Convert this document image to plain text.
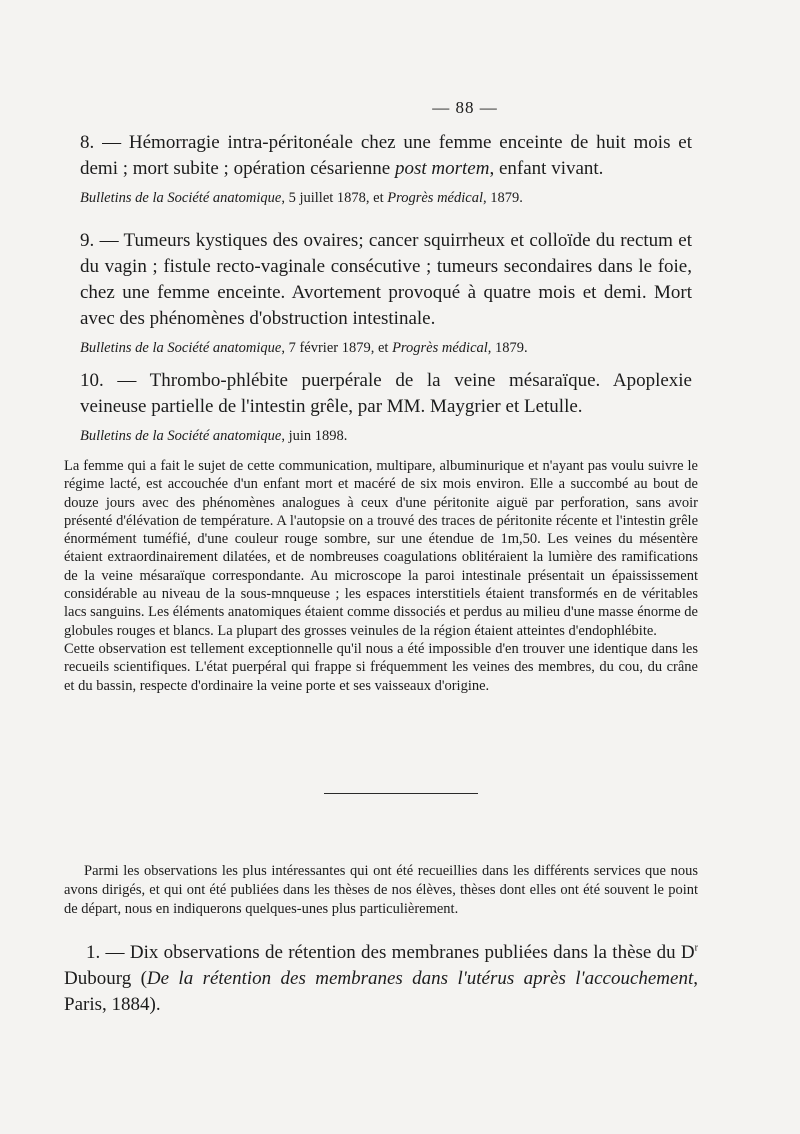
— 88 —

8. — Hémorragie intra-péritonéale chez une femme enceinte de huit mois et demi ; mort subite ; opération césarienne post mortem, enfant vivant.

Bulletins de la Société anatomique, 5 juillet 1878, et Progrès médical, 1879.

9. — Tumeurs kystiques des ovaires; cancer squirrheux et colloïde du rectum et du vagin ; fistule recto-vaginale consécutive ; tumeurs secondaires dans le foie, chez une femme enceinte. Avortement provoqué à quatre mois et demi. Mort avec des phénomènes d'obstruction intestinale.

Bulletins de la Société anatomique, 7 février 1879, et Progrès médical, 1879.

10. — Thrombo-phlébite puerpérale de la veine mésaraïque. Apoplexie veineuse partielle de l'intestin grêle, par MM. Maygrier et Letulle.

Bulletins de la Société anatomique, juin 1898.

La femme qui a fait le sujet de cette communication, multipare, albuminurique et n'ayant pas voulu suivre le régime lacté, est accouchée d'un enfant mort et macéré de six mois environ. Elle a succombé au bout de douze jours avec des phénomènes analogues à ceux d'une péritonite aiguë par perforation, sans avoir présenté d'élévation de température. A l'autopsie on a trouvé des traces de péritonite récente et l'intestin grêle énormément tuméfié, d'une couleur rouge sombre, sur une étendue de 1m,50. Les veines du mésentère étaient extraordinairement dilatées, et de nombreuses coagulations oblitéraient la lumière des ramifications de la veine mésaraïque correspondante. Au microscope la paroi intestinale présentait un épaississement considérable au niveau de la sous-mnqueuse ; les espaces interstitiels étaient transformés en de véritables lacs sanguins. Les éléments anatomiques étaient comme dissociés et perdus au milieu d'une masse énorme de globules rouges et blancs. La plupart des grosses veinules de la région étaient atteintes d'endophlébite.

Cette observation est tellement exceptionnelle qu'il nous a été impossible d'en trouver une identique dans les recueils scientifiques. L'état puerpéral qui frappe si fréquemment les veines des membres, du cou, du crâne et du bassin, respecte d'ordinaire la veine porte et ses vaisseaux d'origine.

Parmi les observations les plus intéressantes qui ont été recueillies dans les différents services que nous avons dirigés, et qui ont été publiées dans les thèses de nos élèves, thèses dont elles ont été souvent le point de départ, nous en indiquerons quelques-unes plus particulièrement.

1. — Dix observations de rétention des membranes publiées dans la thèse du $D^r$ Dubourg (De la rétention des membranes dans l'utérus après l'accouchement, Paris, 1884).
